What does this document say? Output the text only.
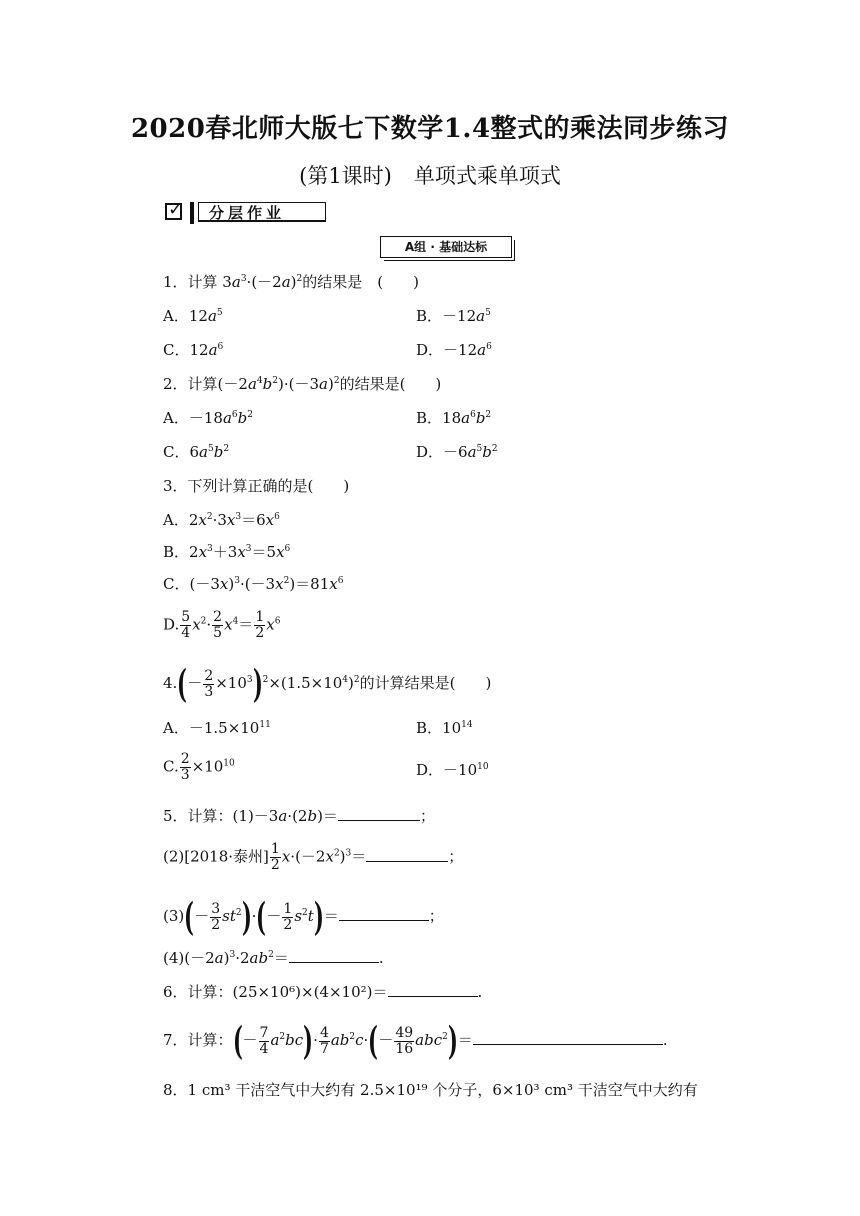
2020春北师大版七下数学1.4整式的乘法同步练习
(第1课时) 单项式乘单项式
✓	分层作业
A组 · 基础达标
1．计算 $3a^3\cdot(-2a)^2$的结果是　(　　)
A．$12a^5$	B．$-12a^5$
C．$12a^6$	D．$-12a^6$
2．计算$(-2a^4b^2)\cdot(-3a)^2$的结果是(　　)
A．$-18a^6b^2$	B．$18a^6b^2$
C．$6a^5b^2$	D．$-6a^5b^2$
3．下列计算正确的是(　　)
A．$2x^2\cdot 3x^3=6x^6$
B．$2x^3+3x^3=5x^6$
C．$(-3x)^3\cdot(-3x^2)=81x^6$
D. $\frac{5}{4} x^2\cdot \frac{2}{5} x^4= \frac{1}{2} x^6$
$4.(- \frac{2}{3} \times 10^3)^2\times(1.5\times 10^4)^2$的计算结果是(　　)
A．$-1.5\times 10^{11}$	B．$10^{14}$
C. $\frac{2}{3} \times 10^{10}$	D．$-10^{10}$
5．计算：(1)－3a·(2b)＝	；
(2)[2018·泰州] $\frac{1}{2} x\cdot(-2x^2)^3=$	；
$(3)(- \frac{3}{2} st^2)\cdot(- \frac{1}{2} s^2t)=$	；
$(4)(-2a)^3\cdot 2ab^2=$	.
6．计算：(25×10⁶)×(4×10²)＝	.
7．计算：(－ $\frac{7}{4} a^2bc)\cdot \frac{4}{7} ab^2c\cdot(- \frac{49}{16} abc^2)=$	.
8．1 cm³ 干洁空气中大约有 2.5×10¹⁹ 个分子，6×10³ cm³ 干洁空气中大约有
